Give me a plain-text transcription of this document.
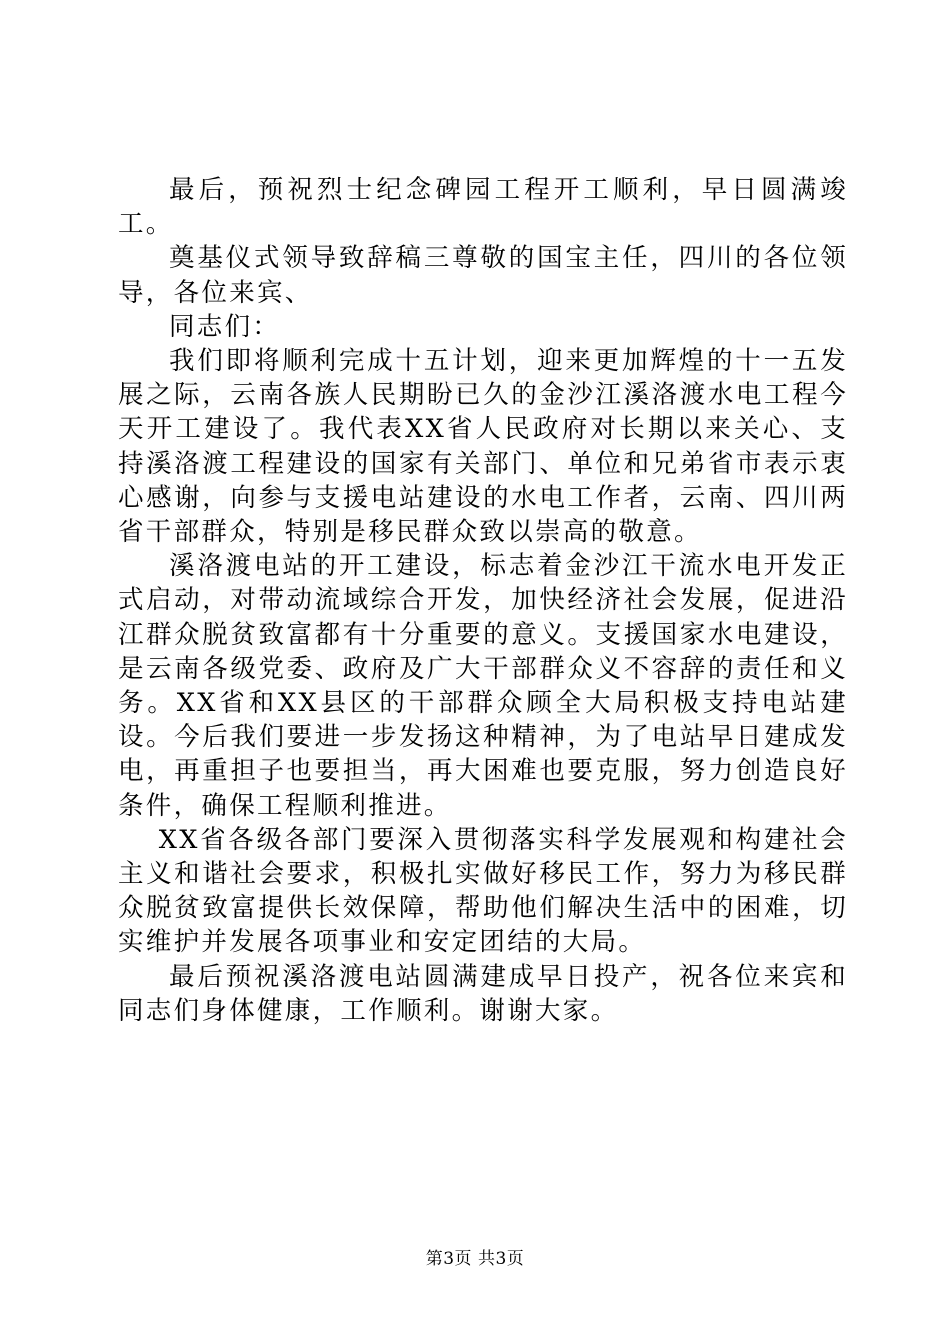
最后，预祝烈士纪念碑园工程开工顺利，早日圆满竣工。

奠基仪式领导致辞稿三尊敬的国宝主任，四川的各位领导，各位来宾、

同志们：

我们即将顺利完成十五计划，迎来更加辉煌的十一五发展之际，云南各族人民期盼已久的金沙江溪洛渡水电工程今天开工建设了。我代表XX省人民政府对长期以来关心、支持溪洛渡工程建设的国家有关部门、单位和兄弟省市表示衷心感谢，向参与支援电站建设的水电工作者，云南、四川两省干部群众，特别是移民群众致以崇高的敬意。

溪洛渡电站的开工建设，标志着金沙江干流水电开发正式启动，对带动流域综合开发，加快经济社会发展，促进沿江群众脱贫致富都有十分重要的意义。支援国家水电建设，是云南各级党委、政府及广大干部群众义不容辞的责任和义务。XX省和XX县区的干部群众顾全大局积极支持电站建设。今后我们要进一步发扬这种精神，为了电站早日建成发电，再重担子也要担当，再大困难也要克服，努力创造良好条件，确保工程顺利推进。

XX省各级各部门要深入贯彻落实科学发展观和构建社会主义和谐社会要求，积极扎实做好移民工作，努力为移民群众脱贫致富提供长效保障，帮助他们解决生活中的困难，切实维护并发展各项事业和安定团结的大局。

最后预祝溪洛渡电站圆满建成早日投产，祝各位来宾和同志们身体健康，工作顺利。谢谢大家。

第3页 共3页
